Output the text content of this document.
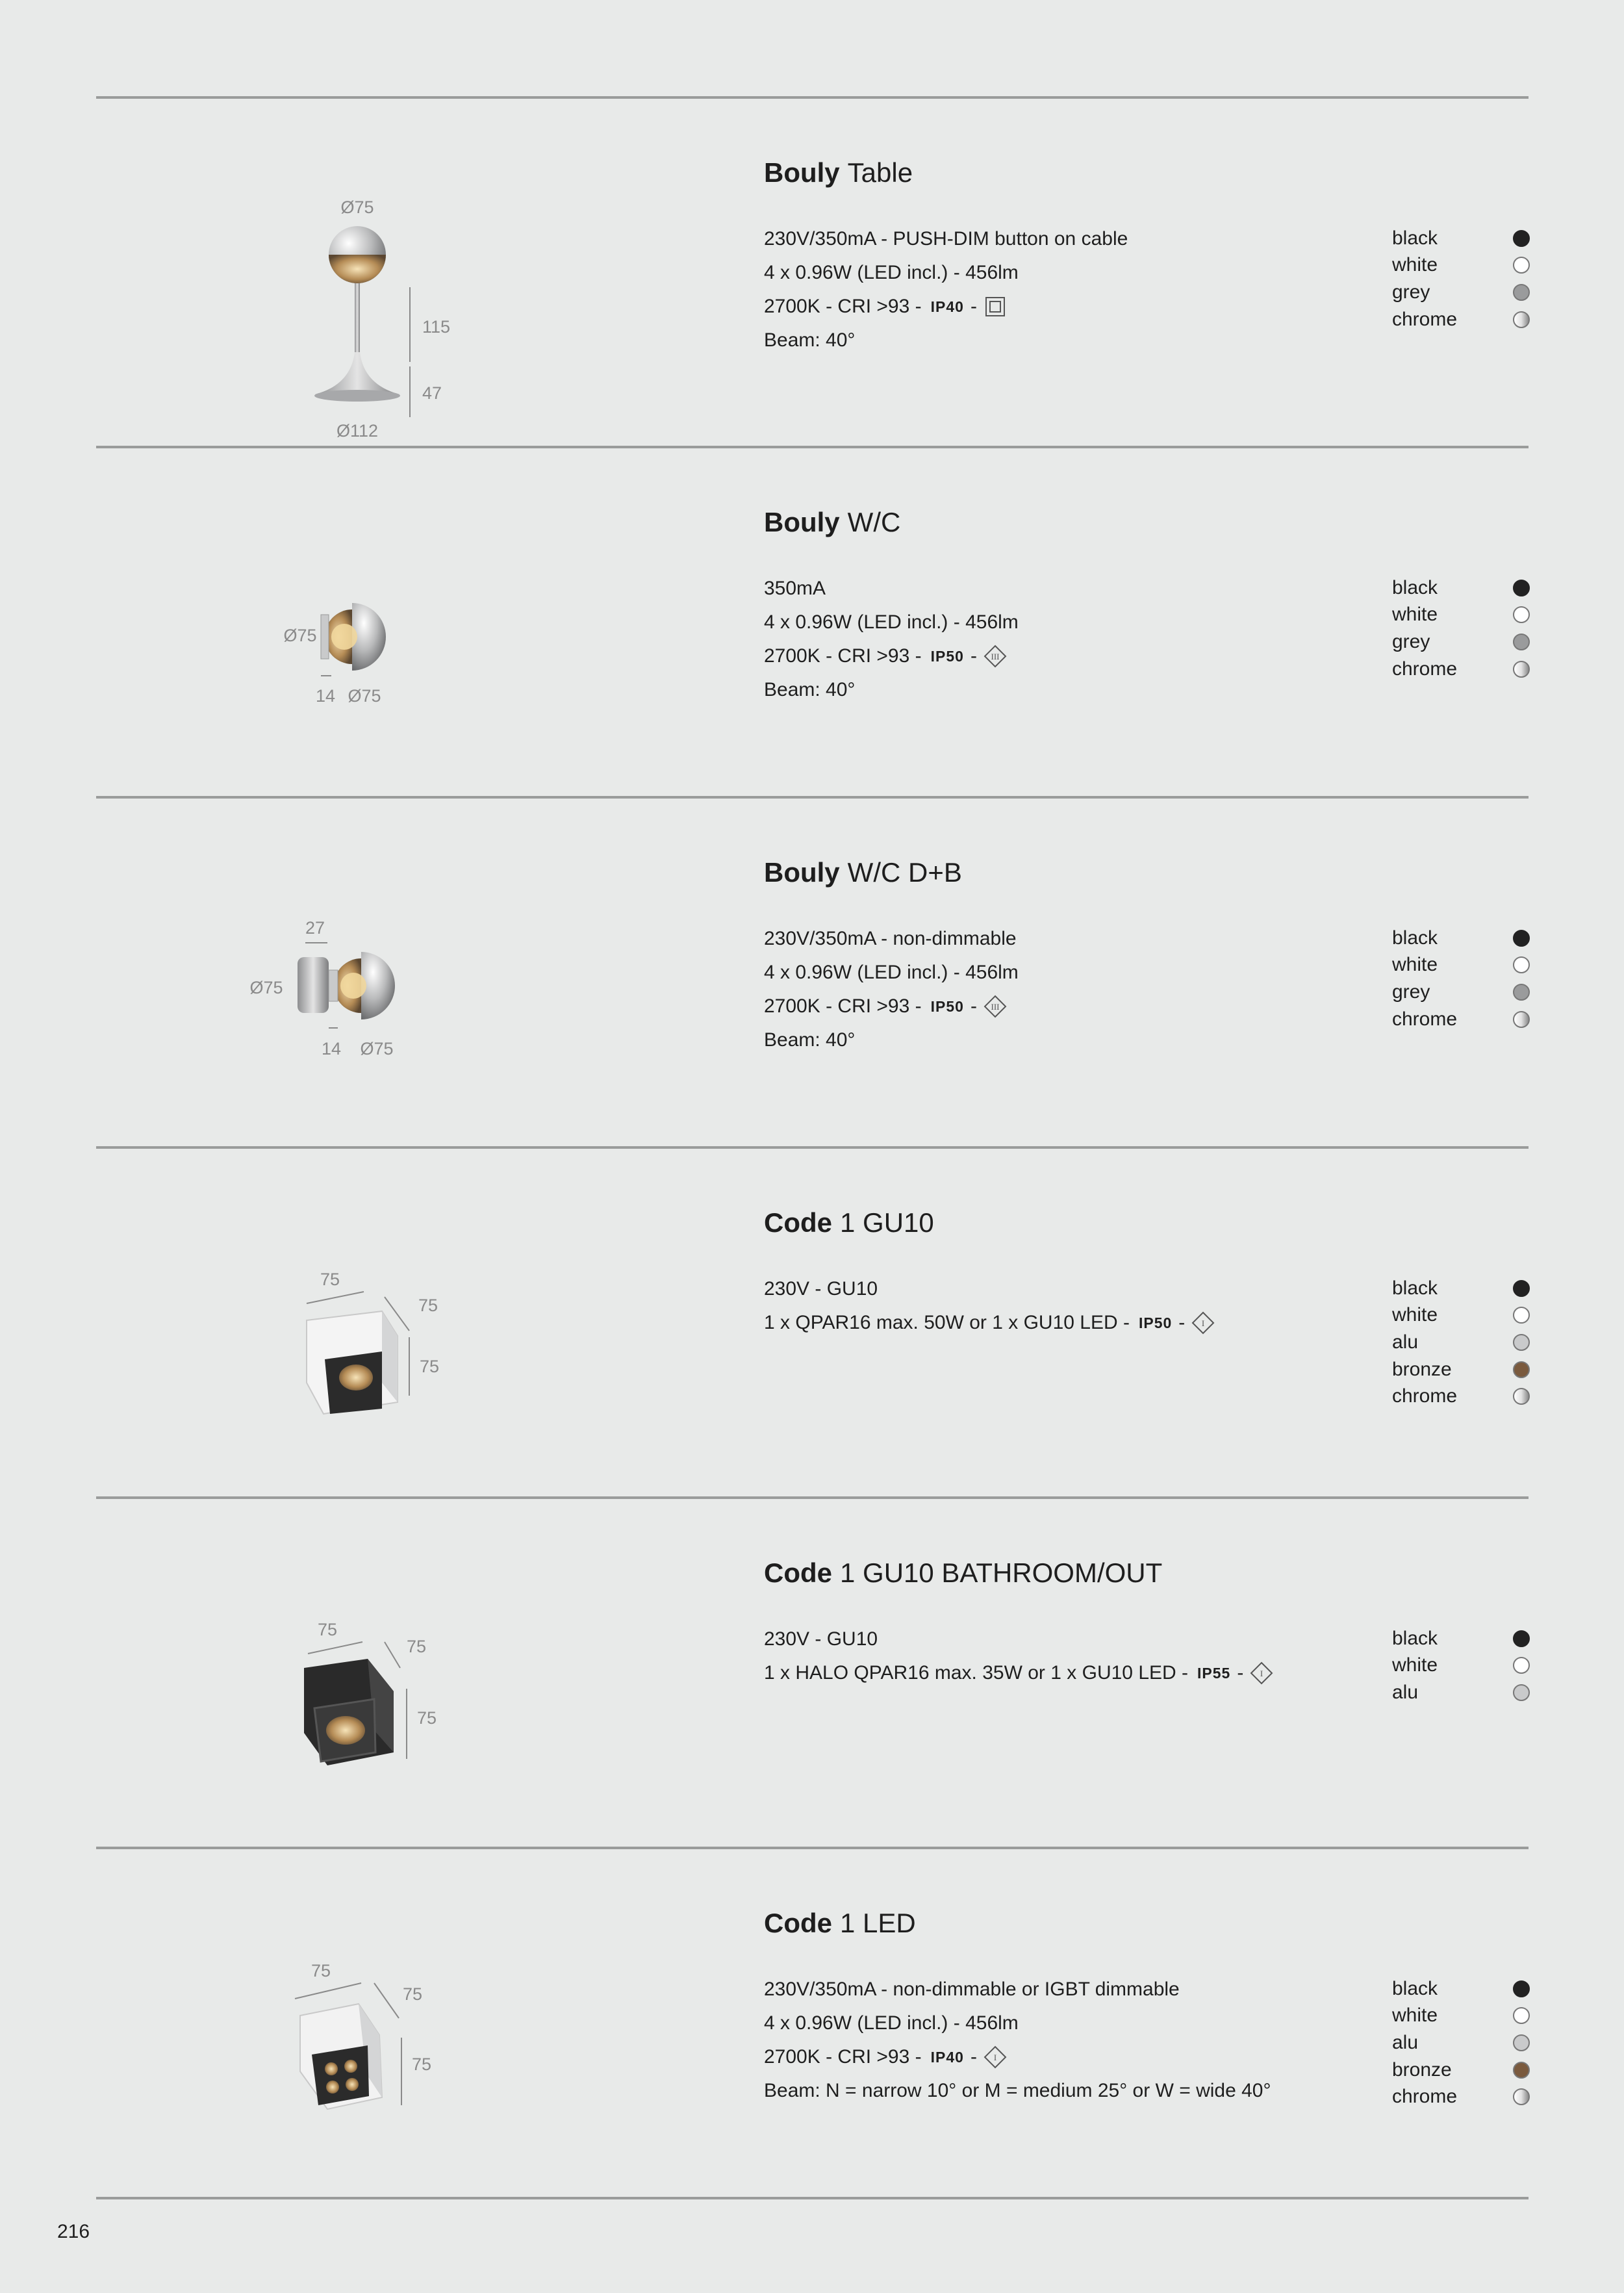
Ø75
115
47
Ø112
Bouly Table
230V/350mA - PUSH-DIM button on cable
4 x 0.96W (LED incl.) - 456lm
2700K - CRI >93 - IP40 -
Beam: 40°
black
white
grey
chrome
Ø75
14 Ø75
Bouly W/C
350mA
4 x 0.96W (LED incl.) - 456lm
2700K - CRI >93 - IP50 - III
Beam: 40°
black
white
grey
chrome
27
Ø75
14 Ø75
Bouly W/C D+B
230V/350mA - non-dimmable
4 x 0.96W (LED incl.) - 456lm
2700K - CRI >93 - IP50 - III
Beam: 40°
black
white
grey
chrome
75
75
75
Code 1 GU10
230V - GU10
1 x QPAR16 max. 50W or 1 x GU10 LED - IP50 - I
black
white
alu
bronze
chrome
75
75
75
Code 1 GU10 BATHROOM/OUT
230V - GU10
1 x HALO QPAR16 max. 35W or 1 x GU10 LED - IP55 - I
black
white
alu
75
75
75
Code 1 LED
230V/350mA - non-dimmable or IGBT dimmable
4 x 0.96W (LED incl.) - 456lm
2700K - CRI >93 - IP40 - I
Beam: N = narrow 10° or M = medium 25° or W = wide 40°
black
white
alu
bronze
chrome
216
